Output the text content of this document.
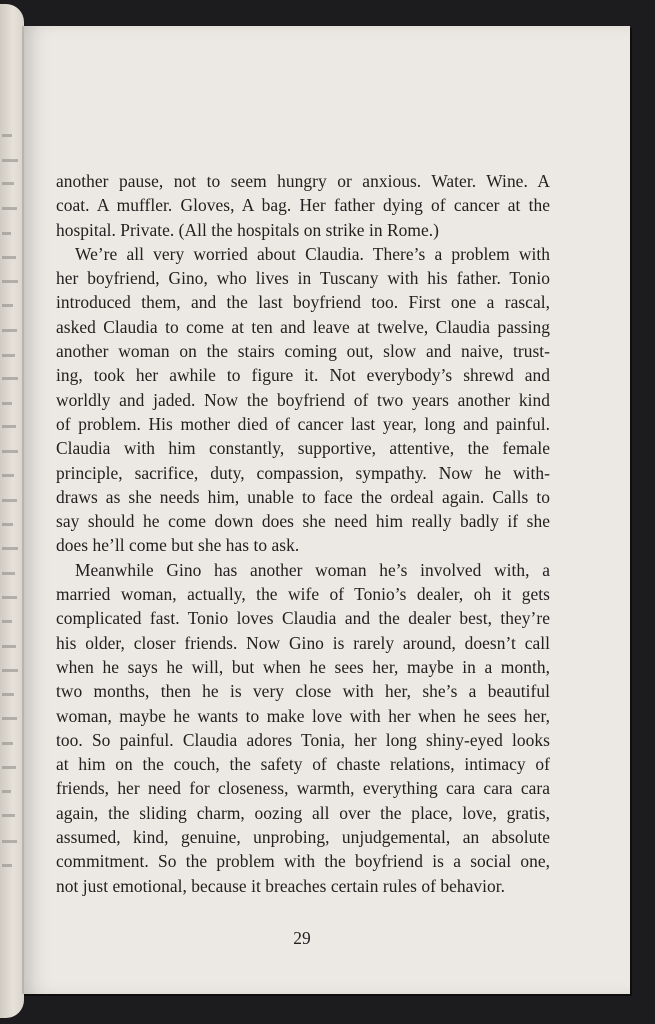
another pause, not to seem hungry or anxious. Water. Wine. A
coat. A muffler. Gloves, A bag. Her father dying of cancer at the
hospital. Private. (All the hospitals on strike in Rome.)
We’re all very worried about Claudia. There’s a problem with
her boyfriend, Gino, who lives in Tuscany with his father. Tonio
introduced them, and the last boyfriend too. First one a rascal,
asked Claudia to come at ten and leave at twelve, Claudia passing
another woman on the stairs coming out, slow and naive, trust-
ing, took her awhile to figure it. Not everybody’s shrewd and
worldly and jaded. Now the boyfriend of two years another kind
of problem. His mother died of cancer last year, long and painful.
Claudia with him constantly, supportive, attentive, the female
principle, sacrifice, duty, compassion, sympathy. Now he with-
draws as she needs him, unable to face the ordeal again. Calls to
say should he come down does she need him really badly if she
does he’ll come but she has to ask.
Meanwhile Gino has another woman he’s involved with, a
married woman, actually, the wife of Tonio’s dealer, oh it gets
complicated fast. Tonio loves Claudia and the dealer best, they’re
his older, closer friends. Now Gino is rarely around, doesn’t call
when he says he will, but when he sees her, maybe in a month,
two months, then he is very close with her, she’s a beautiful
woman, maybe he wants to make love with her when he sees her,
too. So painful. Claudia adores Tonia, her long shiny-eyed looks
at him on the couch, the safety of chaste relations, intimacy of
friends, her need for closeness, warmth, everything cara cara cara
again, the sliding charm, oozing all over the place, love, gratis,
assumed, kind, genuine, unprobing, unjudgemental, an absolute
commitment. So the problem with the boyfriend is a social one,
not just emotional, because it breaches certain rules of behavior.
29
